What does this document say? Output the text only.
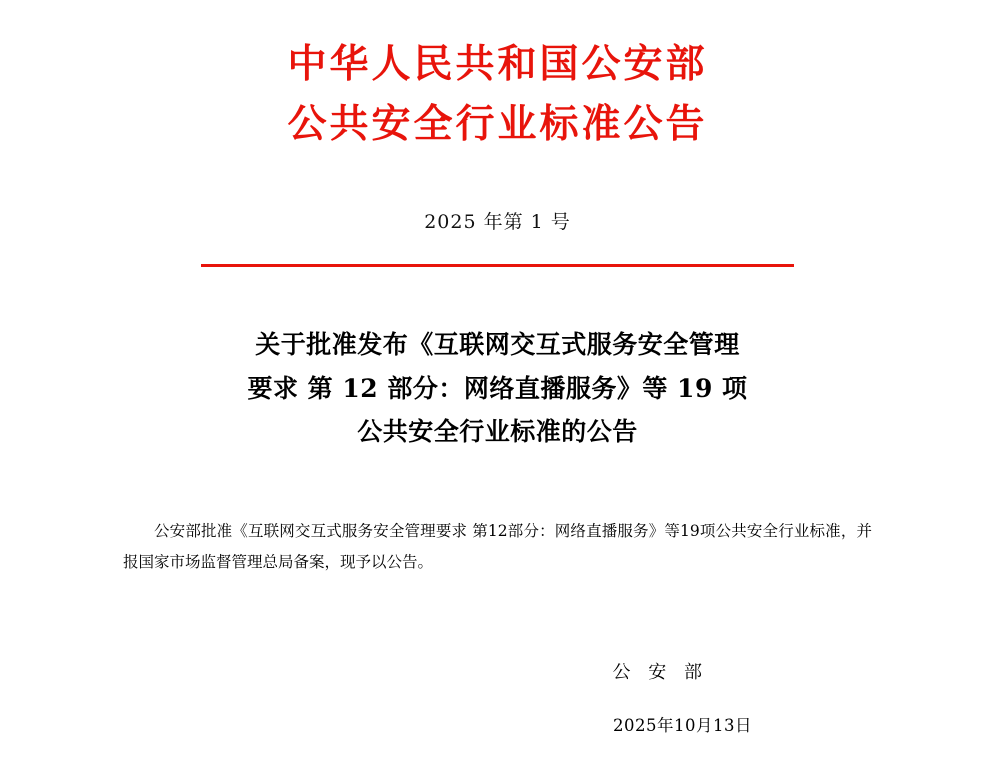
中华人民共和国公安部
公共安全行业标准公告
2025 年第 1 号
关于批准发布《互联网交互式服务安全管理
要求 第 12 部分：网络直播服务》等 19 项
公共安全行业标准的公告

公安部批准《互联网交互式服务安全管理要求 第12部分：网络直播服务》等19项公共安全行业标准，并报国家市场监督管理总局备案，现予以公告。

公 安 部
2025年10月13日
